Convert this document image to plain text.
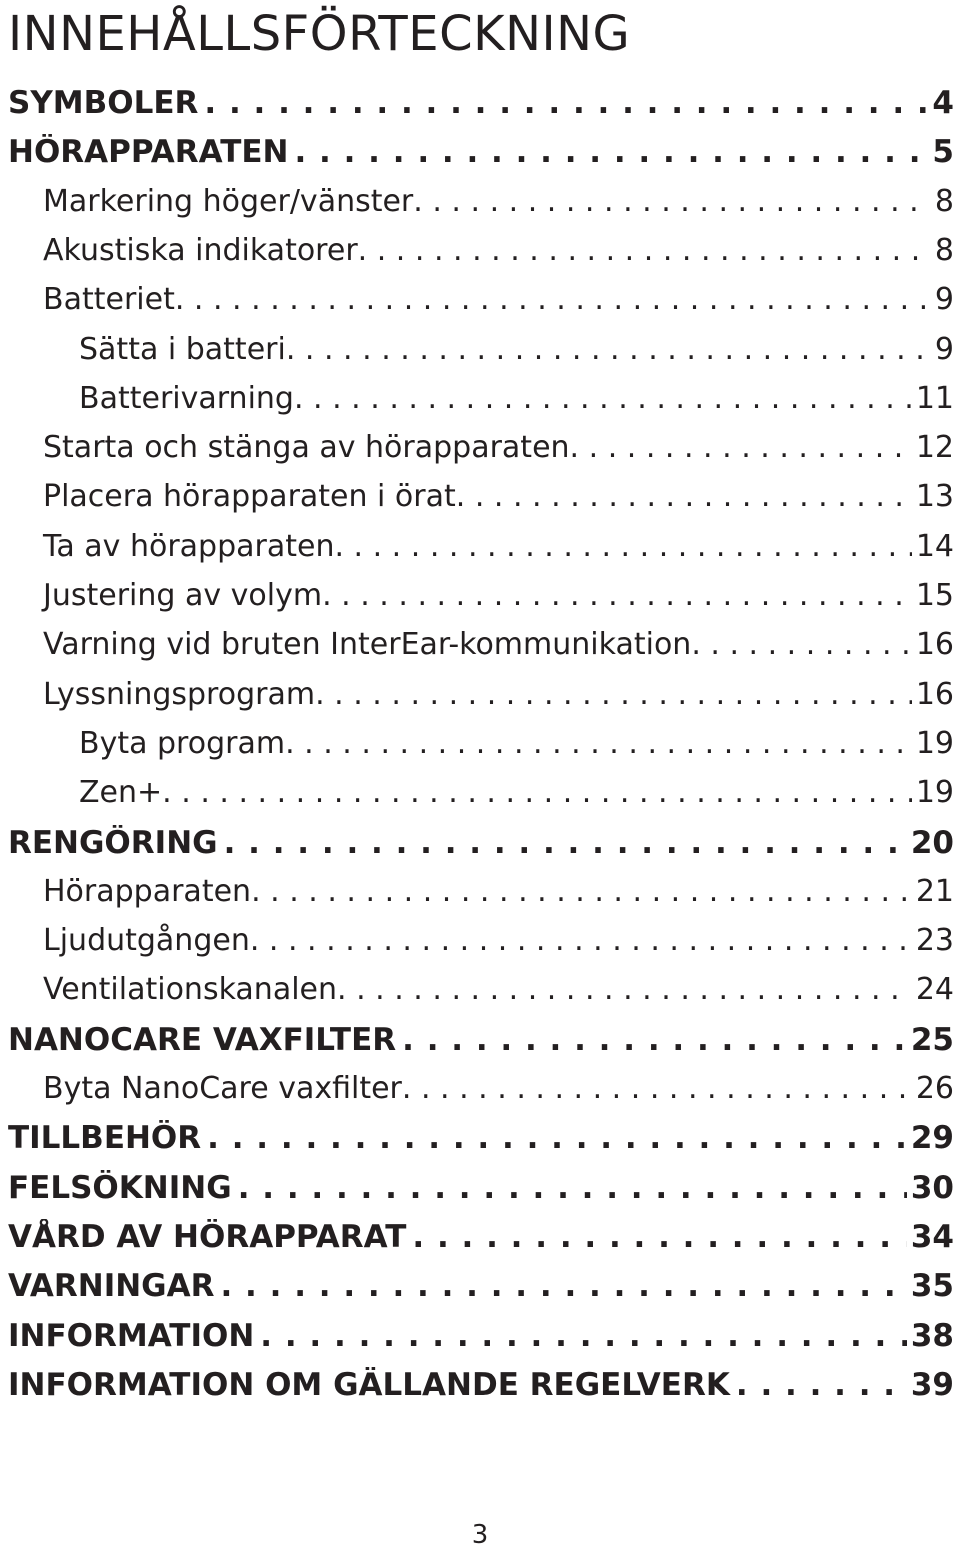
INNEHÅLLSFÖRTECKNING
SYMBOLER . . .	4
HÖRAPPARATEN . . .	5
Markering höger/vänster . . .	8
Akustiska indikatorer . . .	8
Batteriet . . .	9
Sätta i batteri . . .	9
Batterivarning . . .	11
Starta och stänga av hörapparaten . . .	12
Placera hörapparaten i örat . . .	13
Ta av hörapparaten . . .	14
Justering av volym . . .	15
Varning vid bruten InterEar-kommunikation . . .	16
Lyssningsprogram . . .	16
Byta program . . .	19
Zen+ . . .	19
RENGÖRING . . .	20
Hörapparaten . . .	21
Ljudutgången . . .	23
Ventilationskanalen . . .	24
NANOCARE VAXFILTER . . .	25
Byta NanoCare vaxfilter . . .	26
TILLBEHÖR . . .	29
FELSÖKNING . . .	30
VÅRD AV HÖRAPPARAT . . .	34
VARNINGAR . . .	35
INFORMATION . . .	38
INFORMATION OM GÄLLANDE REGELVERK . . .	39
3
